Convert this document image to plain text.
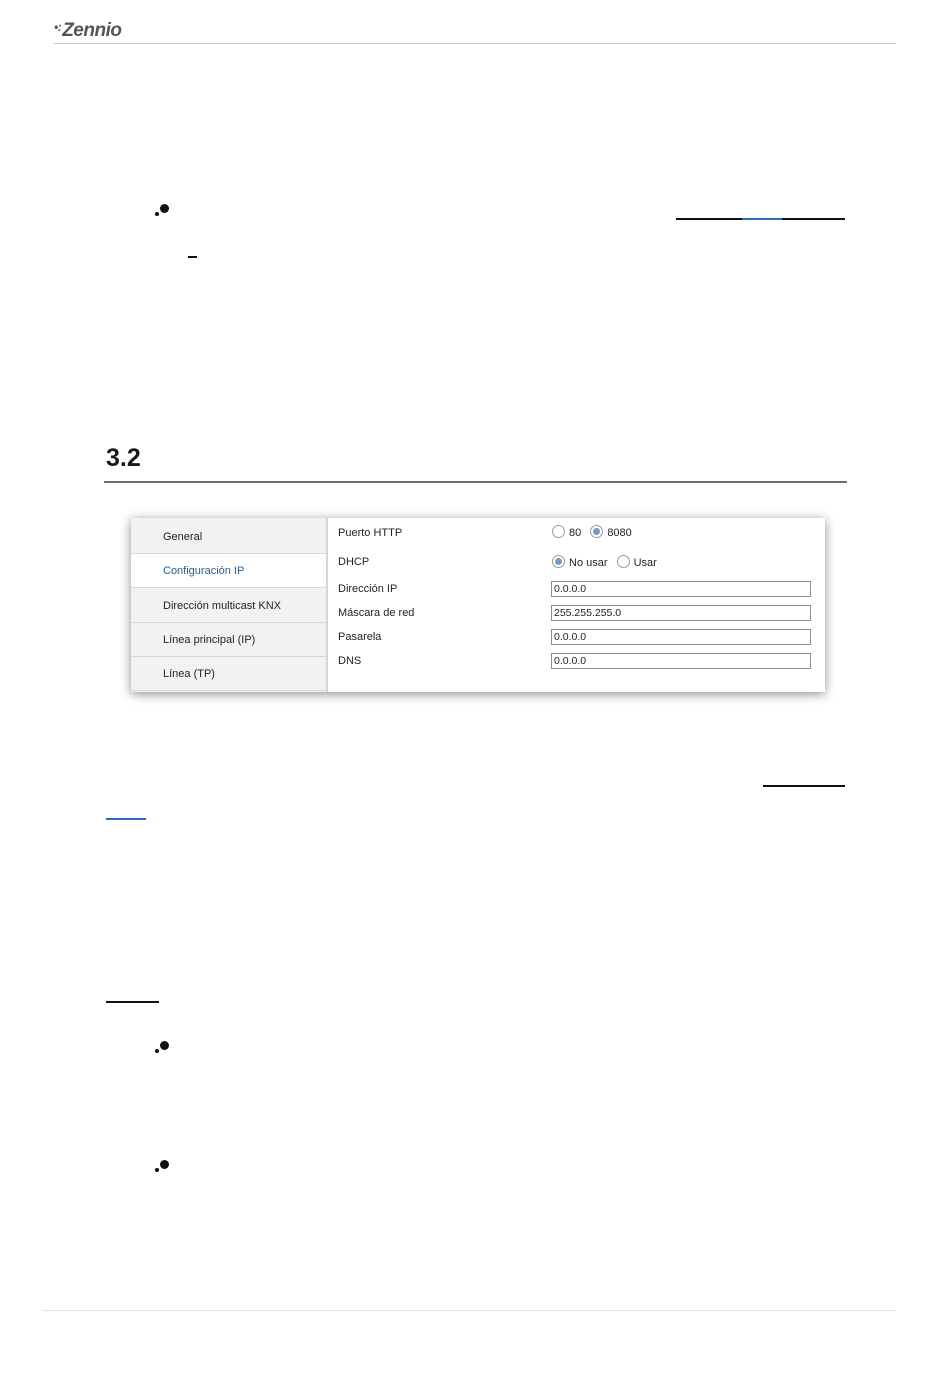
•:Zennio
3.2
General
Configuración IP
Dirección multicast KNX
Línea principal (IP)
Línea (TP)
Puerto HTTP	80 8080
DHCP	No usar Usar
Dirección IP	0.0.0.0
Máscara de red	255.255.255.0
Pasarela	0.0.0.0
DNS	0.0.0.0
